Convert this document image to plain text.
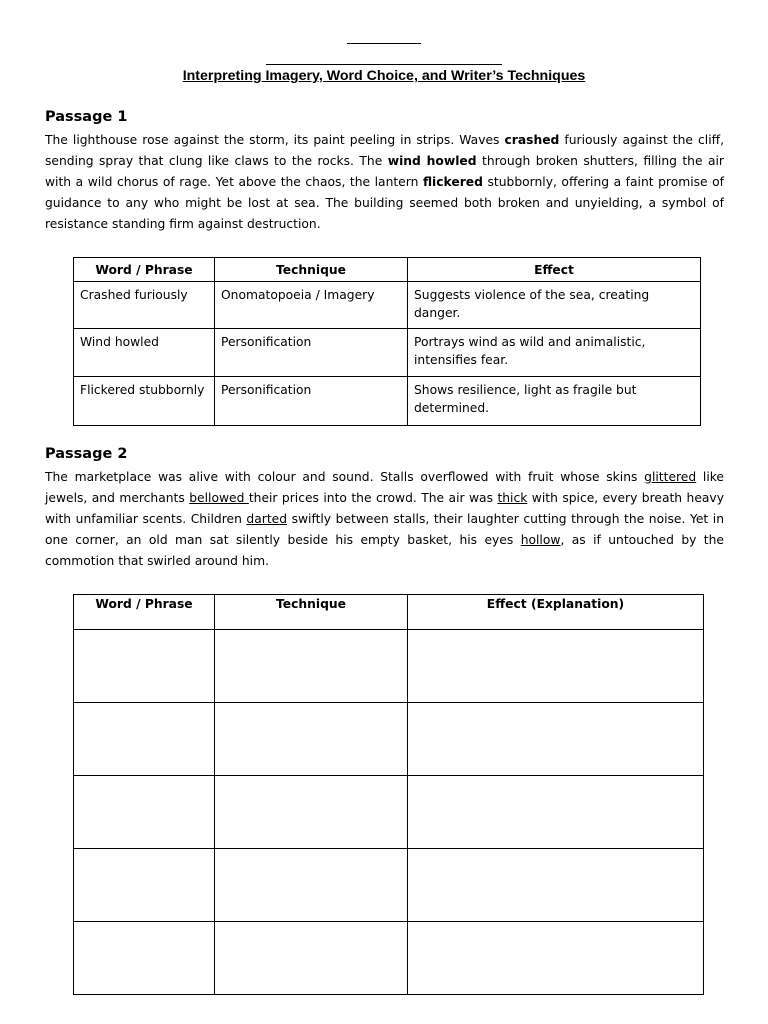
Interpreting Imagery, Word Choice, and Writer’s Techniques
Passage 1

The lighthouse rose against the storm, its paint peeling in strips. Waves crashed furiously against the cliff, sending spray that clung like claws to the rocks. The wind howled through broken shutters, filling the air with a wild chorus of rage. Yet above the chaos, the lantern flickered stubbornly, offering a faint promise of guidance to any who might be lost at sea. The building seemed both broken and unyielding, a symbol of resistance standing firm against destruction.

Word / Phrase	Technique	Effect
Crashed furiously	Onomatopoeia / Imagery	Suggests violence of the sea, creating danger.
Wind howled	Personification	Portrays wind as wild and animalistic, intensifies fear.
Flickered stubbornly	Personification	Shows resilience, light as fragile but determined.
Passage 2

The marketplace was alive with colour and sound. Stalls overflowed with fruit whose skins glittered like jewels, and merchants bellowed their prices into the crowd. The air was thick with spice, every breath heavy with unfamiliar scents. Children darted swiftly between stalls, their laughter cutting through the noise. Yet in one corner, an old man sat silently beside his empty basket, his eyes hollow, as if untouched by the commotion that swirled around him.

Word / Phrase	Technique	Effect (Explanation)
